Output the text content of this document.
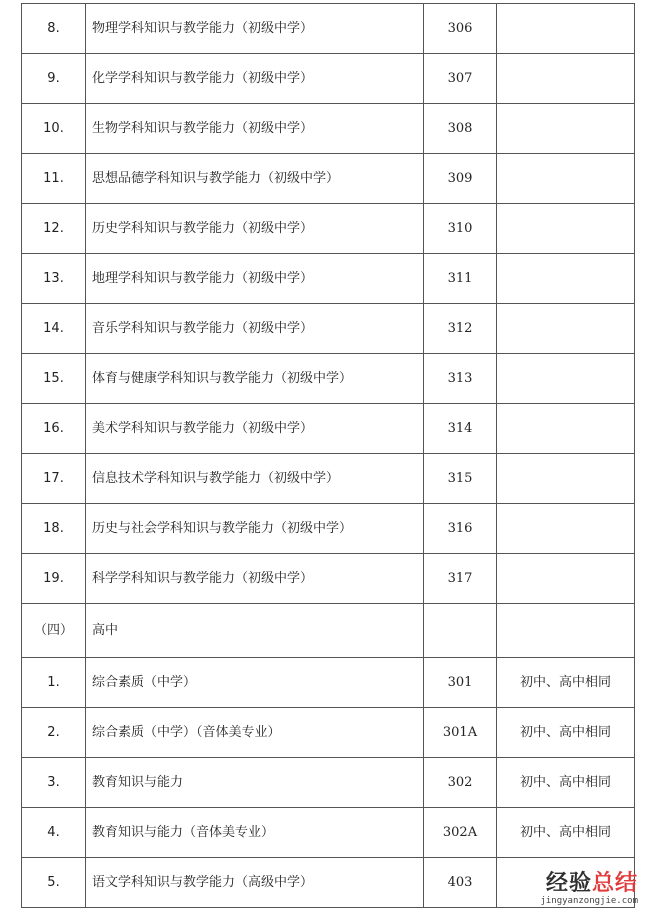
8.	物理学科知识与教学能力（初级中学）	306	
9.	化学学科知识与教学能力（初级中学）	307	
10.	生物学科知识与教学能力（初级中学）	308	
11.	思想品德学科知识与教学能力（初级中学）	309	
12.	历史学科知识与教学能力（初级中学）	310	
13.	地理学科知识与教学能力（初级中学）	311	
14.	音乐学科知识与教学能力（初级中学）	312	
15.	体育与健康学科知识与教学能力（初级中学）	313	
16.	美术学科知识与教学能力（初级中学）	314	
17.	信息技术学科知识与教学能力（初级中学）	315	
18.	历史与社会学科知识与教学能力（初级中学）	316	
19.	科学学科知识与教学能力（初级中学）	317	
（四）	高中		
1.	综合素质（中学）	301	初中、高中相同
2.	综合素质（中学）（音体美专业）	301A	初中、高中相同
3.	教育知识与能力	302	初中、高中相同
4.	教育知识与能力（音体美专业）	302A	初中、高中相同
5.	语文学科知识与教学能力（高级中学）	403		经验总结
jingyanzongjie.com
